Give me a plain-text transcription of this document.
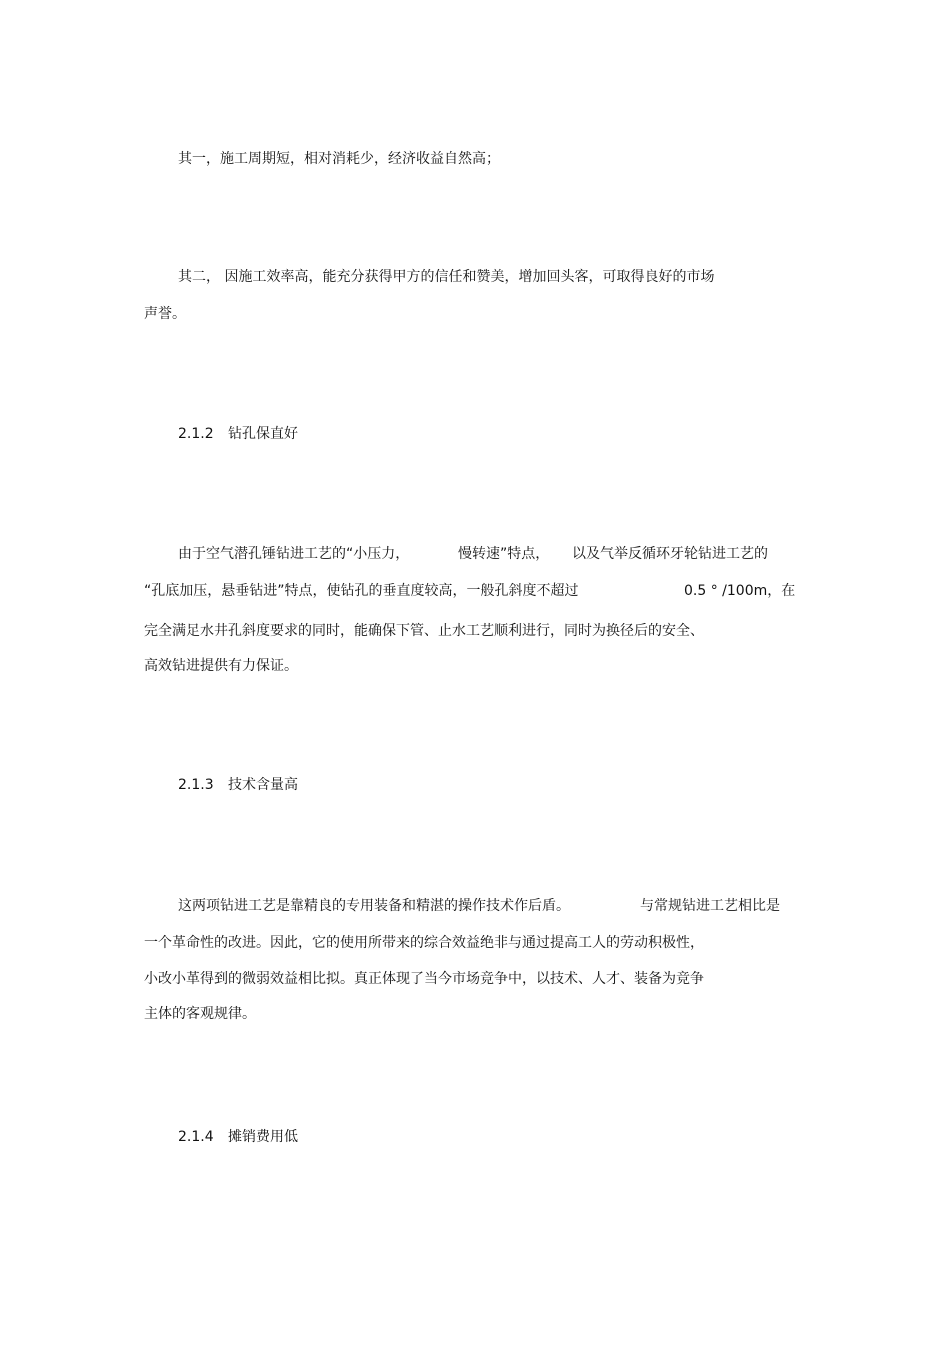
其一，施工周期短，相对消耗少，经济收益自然高；
其二， 因施工效率高，能充分获得甲方的信任和赞美，增加回头客，可取得良好的市场
声誉。
2.1.2 钻孔保直好
由于空气潜孔锤钻进工艺的“小压力，	慢转速”特点， 以及气举反循环牙轮钻进工艺的
“孔底加压，悬垂钻进”特点，使钻孔的垂直度较高，一般孔斜度不超过	0.5 ° /100m，在
完全满足水井孔斜度要求的同时，能确保下管、止水工艺顺利进行，同时为换径后的安全、
高效钻进提供有力保证。
2.1.3 技术含量高
这两项钻进工艺是靠精良的专用装备和精湛的操作技术作后盾。	与常规钻进工艺相比是
一个革命性的改进。因此，它的使用所带来的综合效益绝非与通过提高工人的劳动积极性，
小改小革得到的微弱效益相比拟。真正体现了当今市场竞争中，以技术、人才、装备为竞争
主体的客观规律。
2.1.4 摊销费用低
